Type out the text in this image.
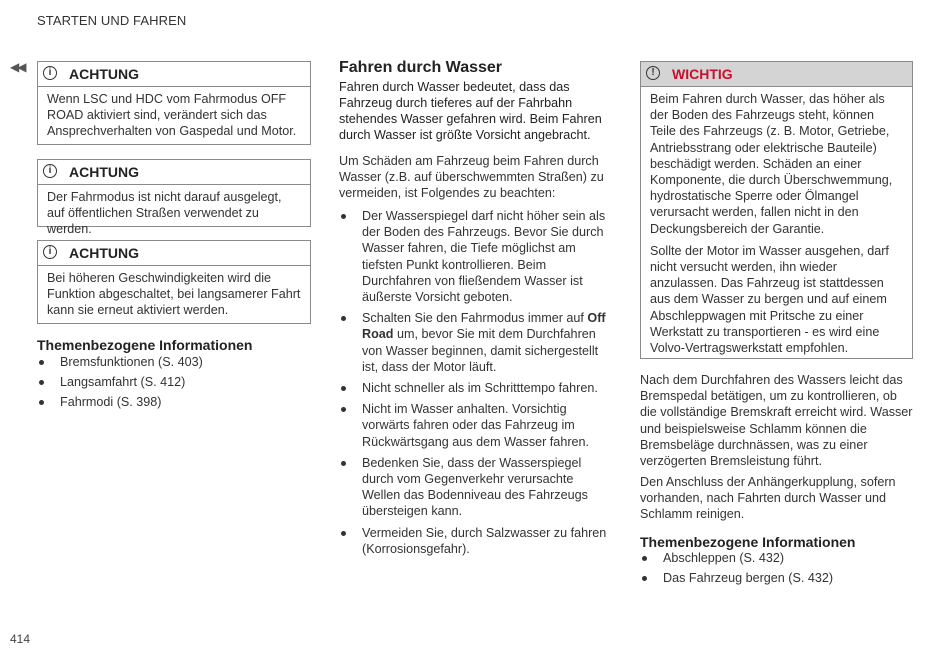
STARTEN UND FAHREN
◀◀	i	ACHTUNG

Wenn LSC und HDC vom Fahrmodus OFF ROAD aktiviert sind, verändert sich das Ansprechverhalten von Gaspedal und Motor.

i	ACHTUNG

Der Fahrmodus ist nicht darauf ausgelegt, auf öffentlichen Straßen verwendet zu werden.

i	ACHTUNG

Bei höheren Geschwindigkeiten wird die Funktion abgeschaltet, bei langsamerer Fahrt kann sie erneut aktiviert werden.

Themenbezogene Informationen
Bremsfunktionen (S. 403)
Langsamfahrt (S. 412)
Fahrmodi (S. 398)
Fahren durch Wasser
Fahren durch Wasser bedeutet, dass das Fahrzeug durch tieferes auf der Fahrbahn stehendes Wasser gefahren wird. Beim Fahren durch Wasser ist größte Vorsicht angebracht.
Um Schäden am Fahrzeug beim Fahren durch Wasser (z.B. auf überschwemmten Straßen) zu vermeiden, ist Folgendes zu beachten:
Der Wasserspiegel darf nicht höher sein als der Boden des Fahrzeugs. Bevor Sie durch Wasser fahren, die Tiefe möglichst am tiefsten Punkt kontrollieren. Beim Durchfahren von fließendem Wasser ist äußerste Vorsicht geboten.
Schalten Sie den Fahrmodus immer auf Off Road um, bevor Sie mit dem Durchfahren von Wasser beginnen, damit sichergestellt ist, dass der Motor läuft.
Nicht schneller als im Schritttempo fahren.
Nicht im Wasser anhalten. Vorsichtig vorwärts fahren oder das Fahrzeug im Rückwärtsgang aus dem Wasser fahren.
Bedenken Sie, dass der Wasserspiegel durch vom Gegenverkehr verursachte Wellen das Bodenniveau des Fahrzeugs übersteigen kann.
Vermeiden Sie, durch Salzwasser zu fahren (Korrosionsgefahr).
!	WICHTIG

Beim Fahren durch Wasser, das höher als der Boden des Fahrzeugs steht, können Teile des Fahrzeugs (z. B. Motor, Getriebe, Antriebsstrang oder elektrische Bauteile) beschädigt werden. Schäden an einer Komponente, die durch Überschwemmung, hydrostatische Sperre oder Ölmangel verursacht werden, fallen nicht in den Deckungsbereich der Garantie.

Sollte der Motor im Wasser ausgehen, darf nicht versucht werden, ihn wieder anzulassen. Das Fahrzeug ist stattdessen aus dem Wasser zu bergen und auf einem Abschleppwagen mit Pritsche zu einer Werkstatt zu transportieren - es wird eine Volvo-Vertragswerkstatt empfohlen.

Nach dem Durchfahren des Wassers leicht das Bremspedal betätigen, um zu kontrollieren, ob die vollständige Bremskraft erreicht wird. Wasser und beispielsweise Schlamm können die Bremsbeläge durchnässen, was zu einer verzögerten Bremsleistung führt.
Den Anschluss der Anhängerkupplung, sofern vorhanden, nach Fahrten durch Wasser und Schlamm reinigen.
Themenbezogene Informationen
Abschleppen (S. 432)
Das Fahrzeug bergen (S. 432)
414
